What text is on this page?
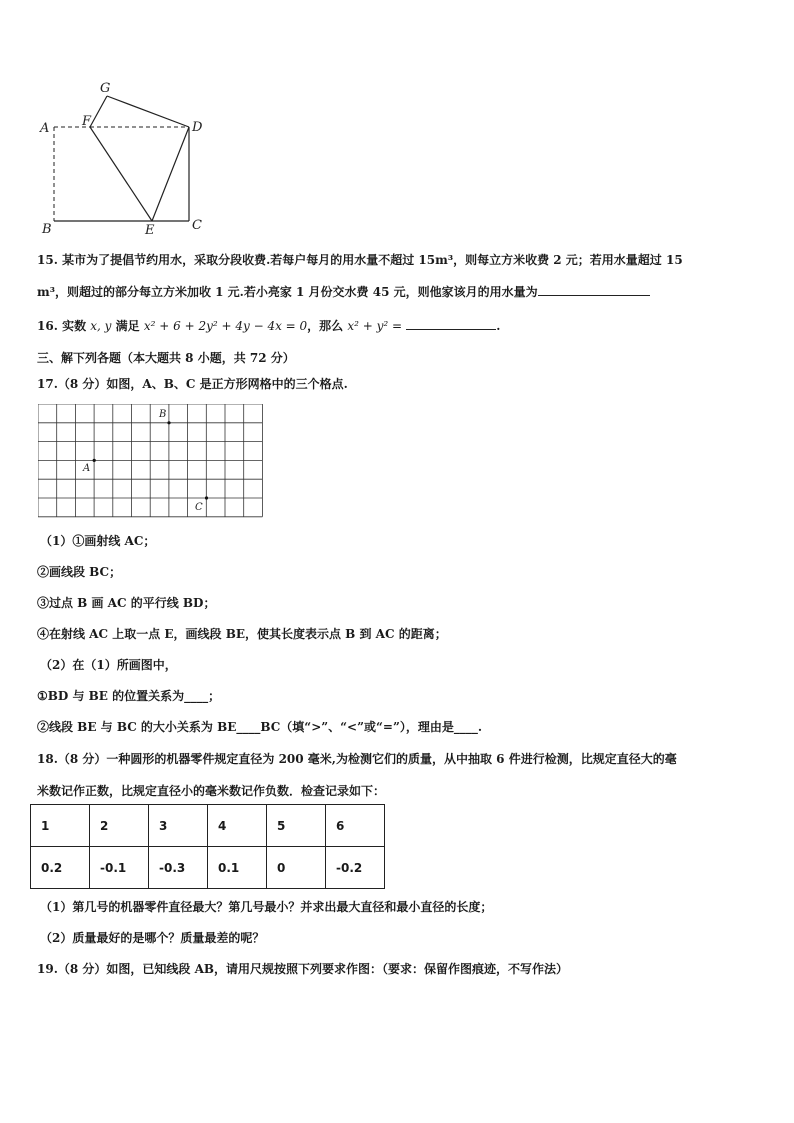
G
A	F	D
B	E	C
15. 某市为了提倡节约用水，采取分段收费.若每户每月的用水量不超过 15m³，则每立方米收费 2 元；若用水量超过 15
m³，则超过的部分每立方米加收 1 元.若小亮家 1 月份交水费 45 元，则他家该月的用水量为
16. 实数 x, y 满足 x² + 6 + 2y² + 4y − 4x = 0，那么 x² + y² =	.
三、解下列各题（本大题共 8 小题，共 72 分）
17.（8 分）如图，A、B、C 是正方形网格中的三个格点.
B
A
C
（1）①画射线 AC；
②画线段 BC；
③过点 B 画 AC 的平行线 BD；
④在射线 AC 上取一点 E，画线段 BE，使其长度表示点 B 到 AC 的距离；
（2）在（1）所画图中，
①BD 与 BE 的位置关系为____；
②线段 BE 与 BC 的大小关系为 BE____BC（填“>”、“<”或“=”），理由是____.
18.（8 分）一种圆形的机器零件规定直径为 200 毫米,为检测它们的质量，从中抽取 6 件进行检测，比规定直径大的毫
米数记作正数，比规定直径小的毫米数记作负数．检查记录如下：
1	2	3	4	5	6
0.2	-0.1	-0.3	0.1	0	-0.2
（1）第几号的机器零件直径最大？第几号最小？并求出最大直径和最小直径的长度；
（2）质量最好的是哪个？质量最差的呢？
19.（8 分）如图，已知线段 AB，请用尺规按照下列要求作图：（要求：保留作图痕迹，不写作法）
